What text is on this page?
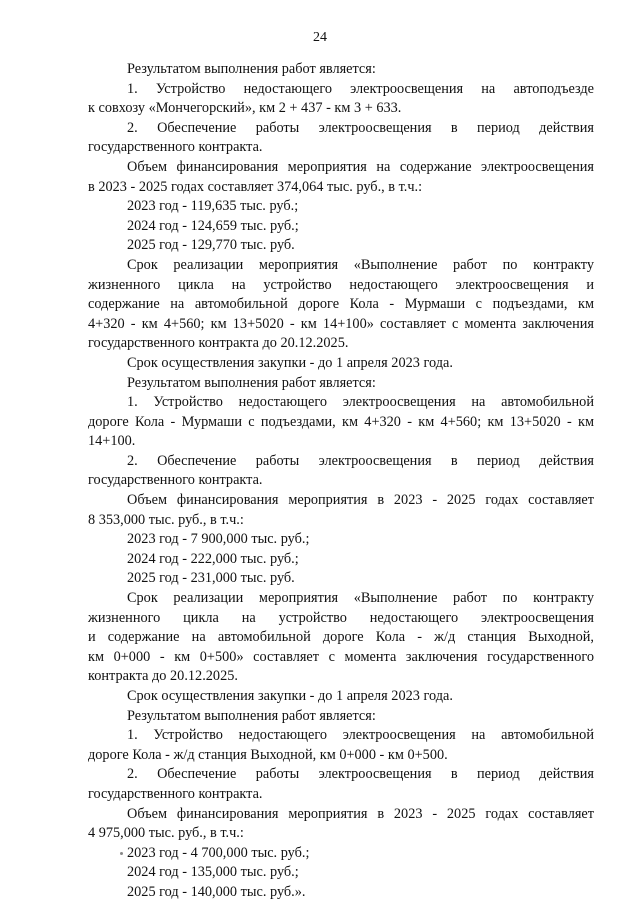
24
Результатом выполнения работ является:
1. Устройство недостающего электроосвещения на автоподъезде
к совхозу «Мончегорский», км 2 + 437 - км 3 + 633.
2. Обеспечение работы электроосвещения в период действия
государственного контракта.
Объем финансирования мероприятия на содержание электроосвещения
в 2023 - 2025 годах составляет 374,064 тыс. руб., в т.ч.:
2023 год - 119,635 тыс. руб.;
2024 год - 124,659 тыс. руб.;
2025 год - 129,770 тыс. руб.
Срок реализации мероприятия «Выполнение работ по контракту
жизненного цикла на устройство недостающего электроосвещения и
содержание на автомобильной дороге Кола - Мурмаши с подъездами, км
4+320 - км 4+560; км 13+5020 - км 14+100» составляет с момента заключения
государственного контракта до 20.12.2025.
Срок осуществления закупки - до 1 апреля 2023 года.
Результатом выполнения работ является:
1. Устройство недостающего электроосвещения на автомобильной
дороге Кола - Мурмаши с подъездами, км 4+320 - км 4+560; км 13+5020 - км
14+100.
2. Обеспечение работы электроосвещения в период действия
государственного контракта.
Объем финансирования мероприятия в 2023 - 2025 годах составляет
8 353,000 тыс. руб., в т.ч.:
2023 год - 7 900,000 тыс. руб.;
2024 год - 222,000 тыс. руб.;
2025 год - 231,000 тыс. руб.
Срок реализации мероприятия «Выполнение работ по контракту
жизненного цикла на устройство недостающего электроосвещения
и содержание на автомобильной дороге Кола - ж/д станция Выходной,
км 0+000 - км 0+500» составляет с момента заключения государственного
контракта до 20.12.2025.
Срок осуществления закупки - до 1 апреля 2023 года.
Результатом выполнения работ является:
1. Устройство недостающего электроосвещения на автомобильной
дороге Кола - ж/д станция Выходной, км 0+000 - км 0+500.
2. Обеспечение работы электроосвещения в период действия
государственного контракта.
Объем финансирования мероприятия в 2023 - 2025 годах составляет
4 975,000 тыс. руб., в т.ч.:
2023 год - 4 700,000 тыс. руб.;
2024 год - 135,000 тыс. руб.;
2025 год - 140,000 тыс. руб.».
